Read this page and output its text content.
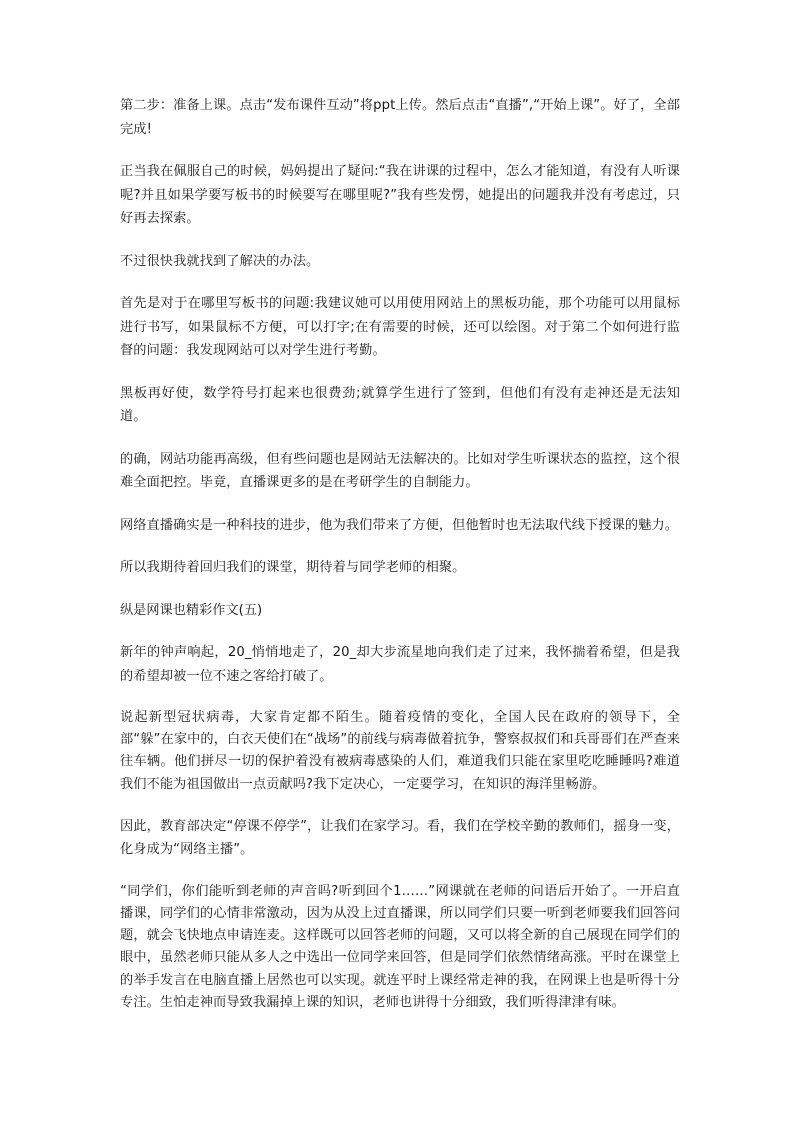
第二步：准备上课。点击“发布课件互动”将ppt上传。然后点击“直播”,“开始上课”。好了，全部完成!

正当我在佩服自己的时候，妈妈提出了疑问:“我在讲课的过程中，怎么才能知道，有没有人听课呢?并且如果学要写板书的时候要写在哪里呢?”我有些发愣，她提出的问题我并没有考虑过，只好再去探索。

不过很快我就找到了解决的办法。

首先是对于在哪里写板书的问题:我建议她可以用使用网站上的黑板功能，那个功能可以用鼠标进行书写，如果鼠标不方便，可以打字;在有需要的时候，还可以绘图。对于第二个如何进行监督的问题：我发现网站可以对学生进行考勤。

黑板再好使，数学符号打起来也很费劲;就算学生进行了签到，但他们有没有走神还是无法知道。

的确，网站功能再高级，但有些问题也是网站无法解决的。比如对学生听课状态的监控，这个很难全面把控。毕竟，直播课更多的是在考研学生的自制能力。

网络直播确实是一种科技的进步，他为我们带来了方便，但他暂时也无法取代线下授课的魅力。

所以我期待着回归我们的课堂，期待着与同学老师的相聚。

纵是网课也精彩作文(五)

新年的钟声响起，20_悄悄地走了，20_却大步流星地向我们走了过来，我怀揣着希望，但是我的希望却被一位不速之客给打破了。

说起新型冠状病毒，大家肯定都不陌生。随着疫情的变化，全国人民在政府的领导下，全部“躲”在家中的，白衣天使们在“战场”的前线与病毒做着抗争，警察叔叔们和兵哥哥们在严查来往车辆。他们拼尽一切的保护着没有被病毒感染的人们，难道我们只能在家里吃吃睡睡吗?难道我们不能为祖国做出一点贡献吗?我下定决心，一定要学习，在知识的海洋里畅游。

因此，教育部决定“停课不停学”，让我们在家学习。看，我们在学校辛勤的教师们，摇身一变，化身成为“网络主播”。

“同学们，你们能听到老师的声音吗?听到回个1……”网课就在老师的问语后开始了。一开启直播课，同学们的心情非常激动，因为从没上过直播课，所以同学们只要一听到老师要我们回答问题，就会飞快地点申请连麦。这样既可以回答老师的问题，又可以将全新的自己展现在同学们的眼中，虽然老师只能从多人之中选出一位同学来回答，但是同学们依然情绪高涨。平时在课堂上的举手发言在电脑直播上居然也可以实现。就连平时上课经常走神的我，在网课上也是听得十分专注。生怕走神而导致我漏掉上课的知识，老师也讲得十分细致，我们听得津津有味。
